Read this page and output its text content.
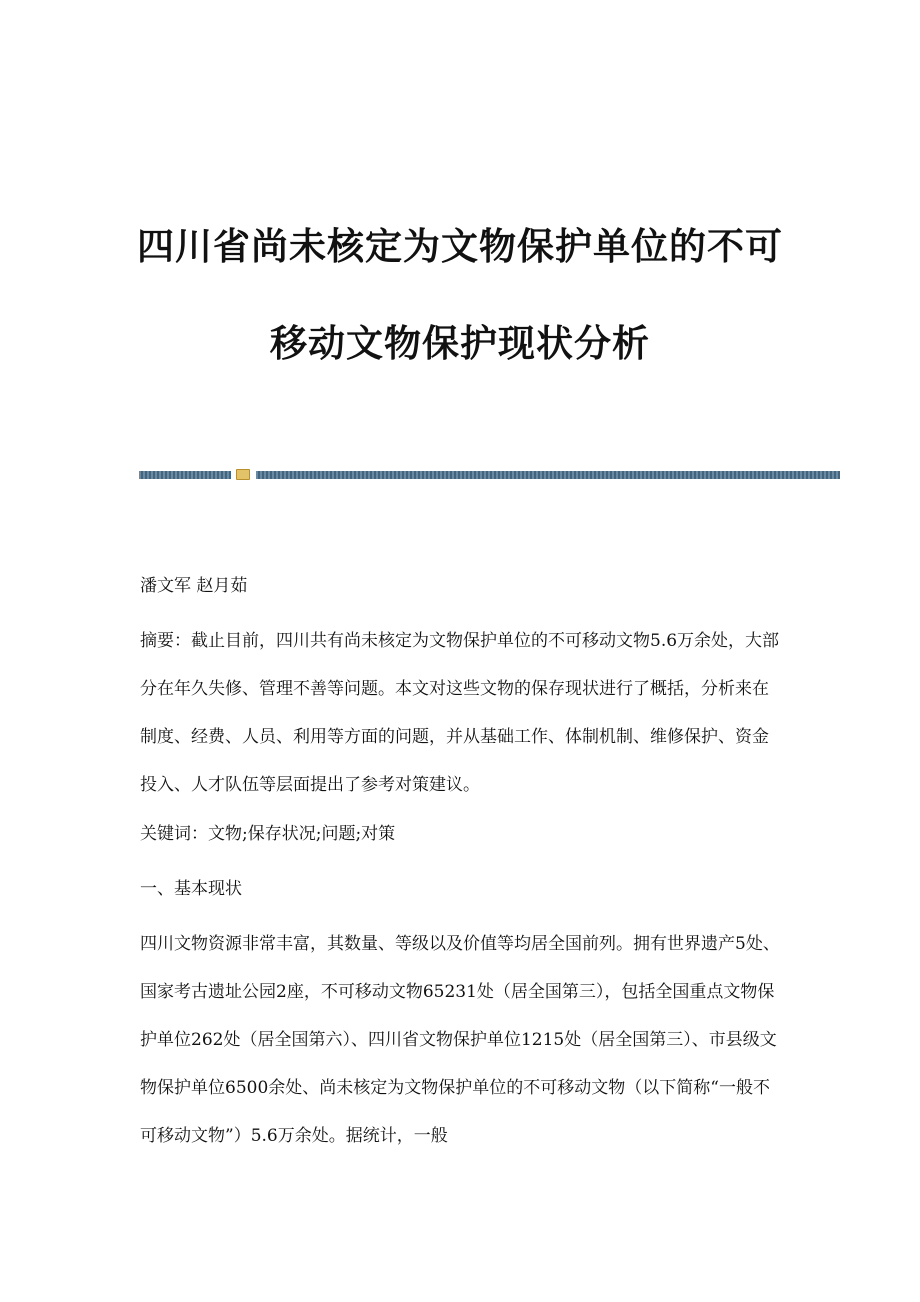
四川省尚未核定为文物保护单位的不可
移动文物保护现状分析

潘文军 赵月茹

摘要：截止目前，四川共有尚未核定为文物保护单位的不可移动文物5.6万余处，大部分在年久失修、管理不善等问题。本文对这些文物的保存现状进行了概括，分析来在制度、经费、人员、利用等方面的问题，并从基础工作、体制机制、维修保护、资金投入、人才队伍等层面提出了参考对策建议。

关键词：文物;保存状况;问题;对策

一、基本现状

四川文物资源非常丰富，其数量、等级以及价值等均居全国前列。拥有世界遗产5处、国家考古遗址公园2座，不可移动文物65231处（居全国第三），包括全国重点文物保护单位262处（居全国第六）、四川省文物保护单位1215处（居全国第三）、市县级文物保护单位6500余处、尚未核定为文物保护单位的不可移动文物（以下简称“一般不可移动文物”）5.6万余处。据统计，一般
